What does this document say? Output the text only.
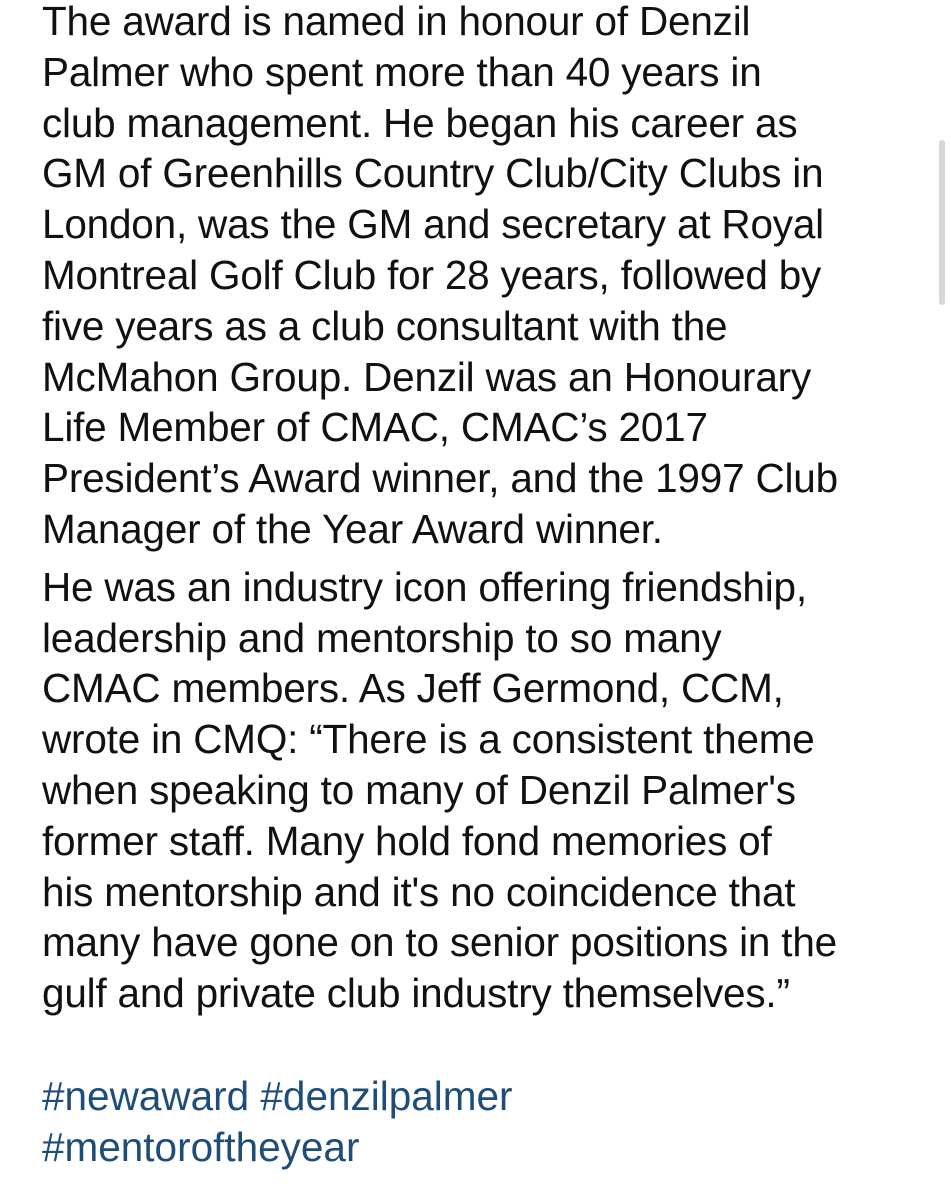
The award is named in honour of Denzil
Palmer who spent more than 40 years in
club management. He began his career as
GM of Greenhills Country Club/City Clubs in
London, was the GM and secretary at Royal
Montreal Golf Club for 28 years, followed by
five years as a club consultant with the
McMahon Group. Denzil was an Honourary
Life Member of CMAC, CMAC’s 2017
President’s Award winner, and the 1997 Club
Manager of the Year Award winner.
He was an industry icon offering friendship,
leadership and mentorship to so many
CMAC members. As Jeff Germond, CCM,
wrote in CMQ: “There is a consistent theme
when speaking to many of Denzil Palmer's
former staff. Many hold fond memories of
his mentorship and it's no coincidence that
many have gone on to senior positions in the
gulf and private club industry themselves.”
#newaward #denzilpalmer
#mentoroftheyear
